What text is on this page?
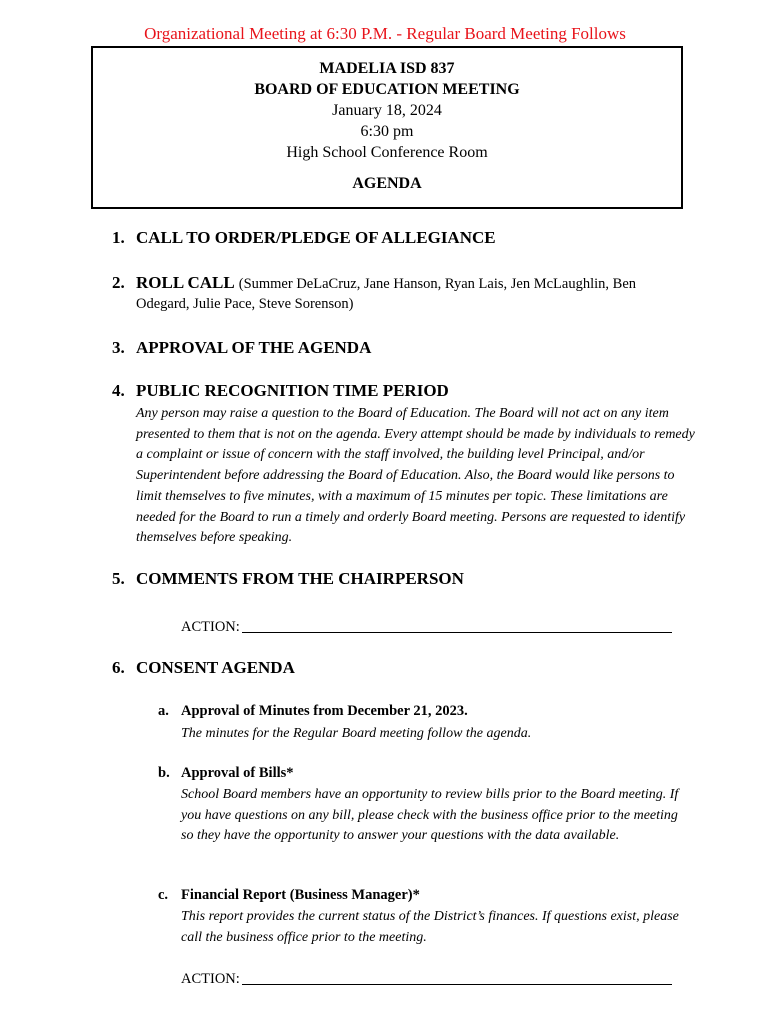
Organizational Meeting at 6:30 P.M. - Regular Board Meeting Follows
MADELIA ISD 837
BOARD OF EDUCATION MEETING
January 18, 2024
6:30 pm
High School Conference Room
AGENDA
1. CALL TO ORDER/PLEDGE OF ALLEGIANCE
2. ROLL CALL (Summer DeLaCruz, Jane Hanson, Ryan Lais, Jen McLaughlin, Ben
Odegard, Julie Pace, Steve Sorenson)
3. APPROVAL OF THE AGENDA
4. PUBLIC RECOGNITION TIME PERIOD
Any person may raise a question to the Board of Education. The Board will not act on any item presented to them that is not on the agenda. Every attempt should be made by individuals to remedy a complaint or issue of concern with the staff involved, the building level Principal, and/or Superintendent before addressing the Board of Education. Also, the Board would like persons to limit themselves to five minutes, with a maximum of 15 minutes per topic. These limitations are needed for the Board to run a timely and orderly Board meeting. Persons are requested to identify themselves before speaking.
5. COMMENTS FROM THE CHAIRPERSON
ACTION:
6. CONSENT AGENDA
a. Approval of Minutes from December 21, 2023.
The minutes for the Regular Board meeting follow the agenda.
b. Approval of Bills*
School Board members have an opportunity to review bills prior to the Board meeting. If you have questions on any bill, please check with the business office prior to the meeting so they have the opportunity to answer your questions with the data available.
c. Financial Report (Business Manager)*
This report provides the current status of the District’s finances. If questions exist, please call the business office prior to the meeting.
ACTION:
